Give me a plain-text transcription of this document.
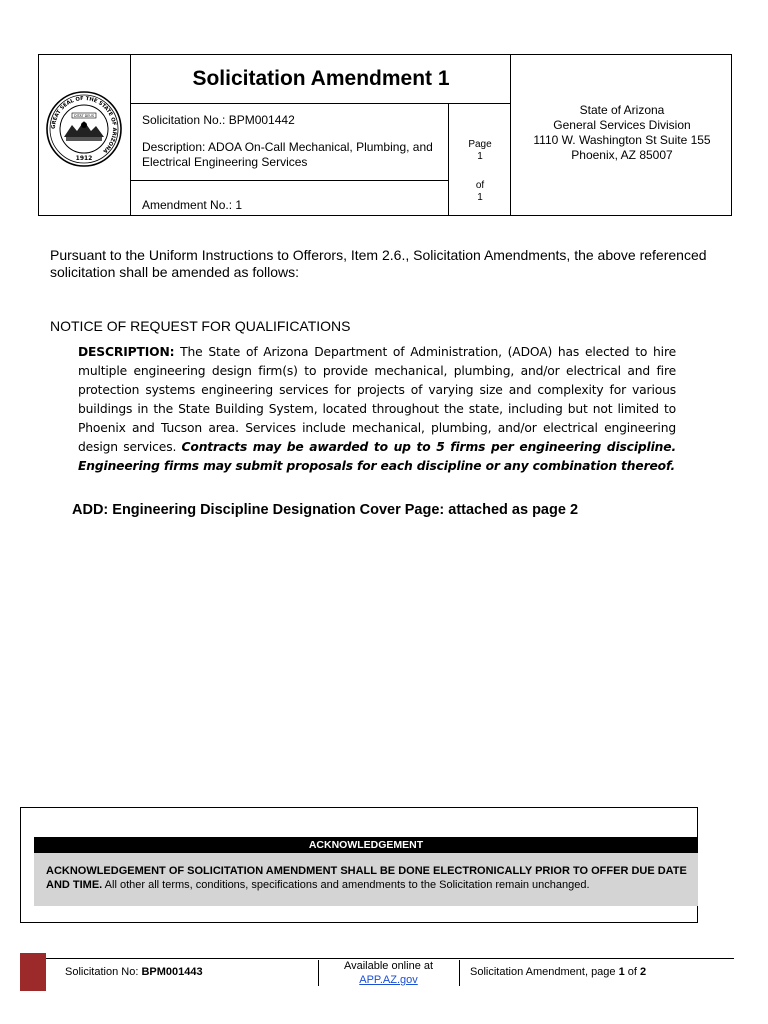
GREAT SEAL OF THE STATE OF ARIZONA
DITAT DEUS
1912
Solicitation Amendment 1
Solicitation No.: BPM001442
Description: ADOA On-Call Mechanical, Plumbing, and Electrical Engineering Services
Amendment No.: 1
Page
1
of
1
State of Arizona
General Services Division
1110 W. Washington St Suite 155
Phoenix, AZ 85007
Pursuant to the Uniform Instructions to Offerors, Item 2.6., Solicitation Amendments, the above referenced solicitation shall be amended as follows:
NOTICE OF REQUEST FOR QUALIFICATIONS
DESCRIPTION: The State of Arizona Department of Administration, (ADOA) has elected to hire multiple engineering design firm(s) to provide mechanical, plumbing, and/or electrical and fire protection systems engineering services for projects of varying size and complexity for various buildings in the State Building System, located throughout the state, including but not limited to Phoenix and Tucson area. Services include mechanical, plumbing, and/or electrical engineering design services. Contracts may be awarded to up to 5 firms per engineering discipline. Engineering firms may submit proposals for each discipline or any combination thereof.
ADD: Engineering Discipline Designation Cover Page: attached as page 2
ACKNOWLEDGEMENT
ACKNOWLEDGEMENT OF SOLICITATION AMENDMENT SHALL BE DONE ELECTRONICALLY PRIOR TO OFFER DUE DATE AND TIME. All other all terms, conditions, specifications and amendments to the Solicitation remain unchanged.
Solicitation No: BPM001443	Available online at
APP.AZ.gov
Solicitation Amendment, page 1 of 2
